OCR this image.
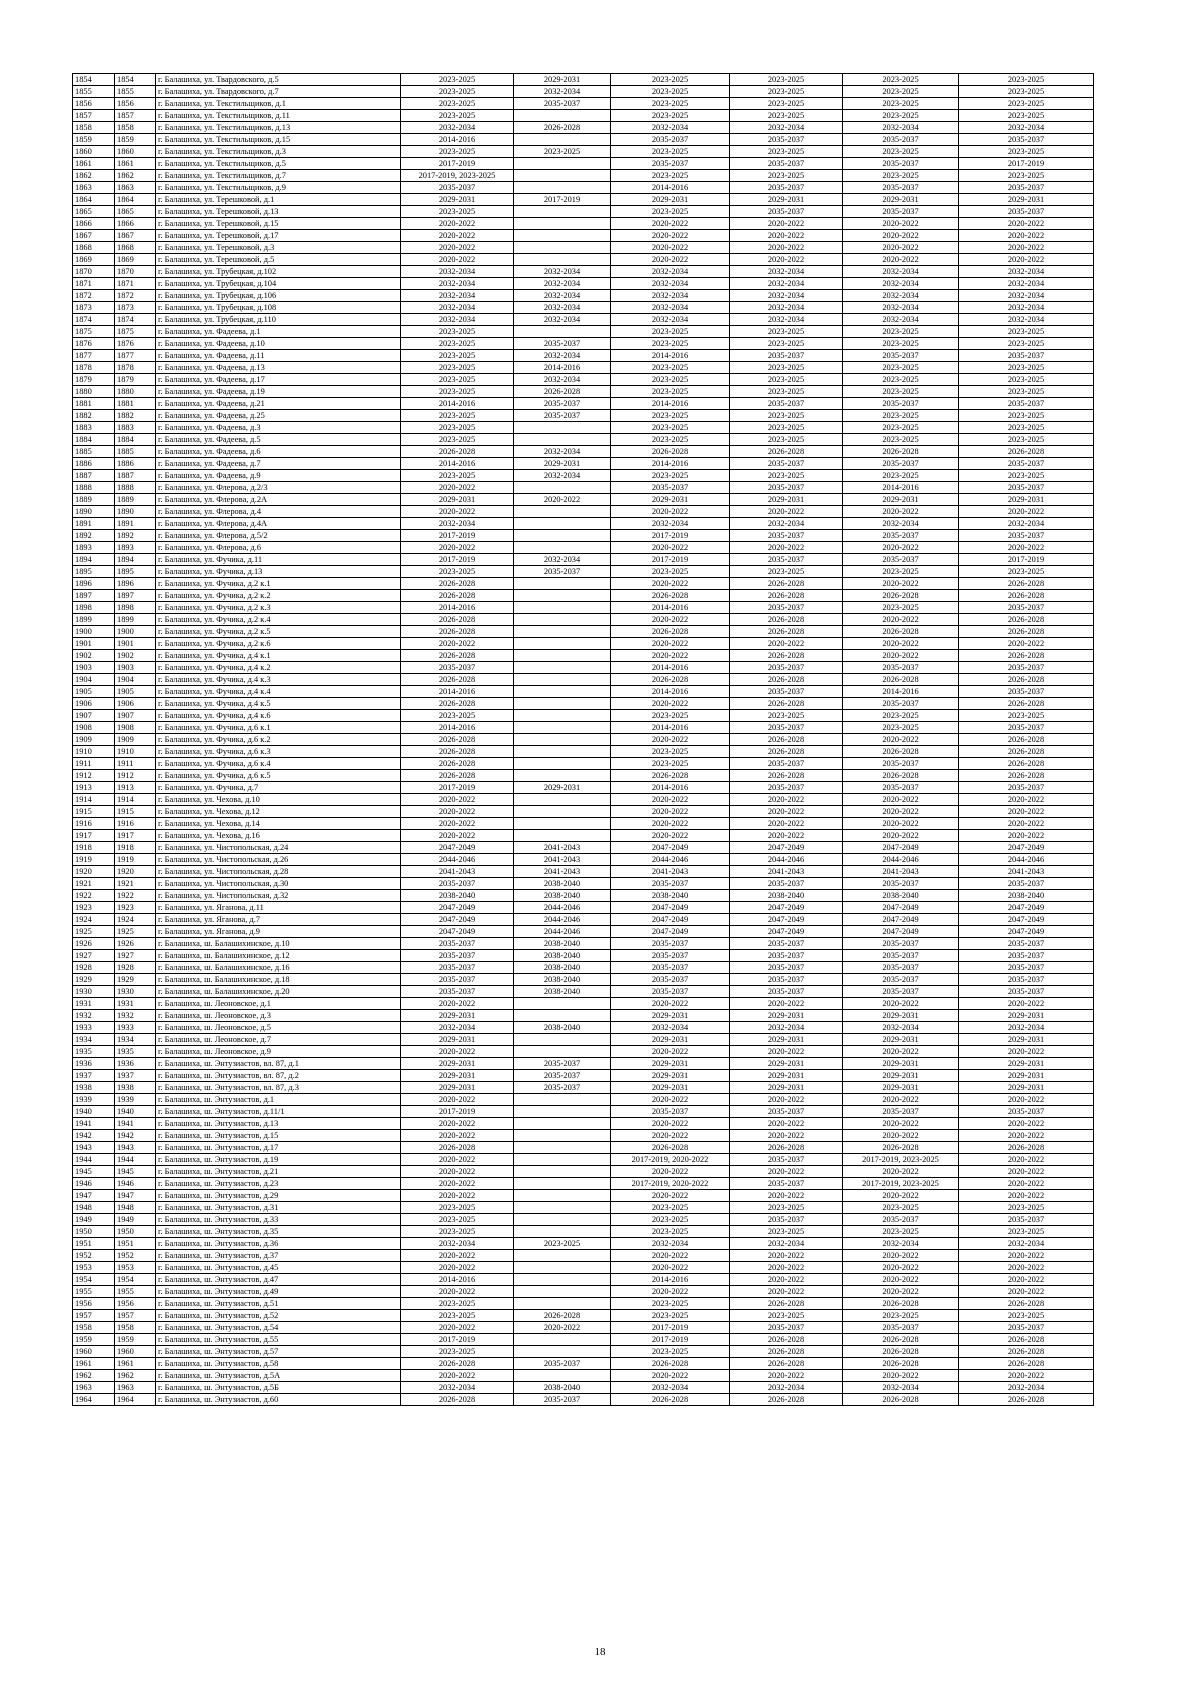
1854	1854	г. Балашиха, ул. Твардовского, д.5	2023-2025	2029-2031	2023-2025	2023-2025	2023-2025	2023-2025
1855	1855	г. Балашиха, ул. Твардовского, д.7	2023-2025	2032-2034	2023-2025	2023-2025	2023-2025	2023-2025
1856	1856	г. Балашиха, ул. Текстильщиков, д.1	2023-2025	2035-2037	2023-2025	2023-2025	2023-2025	2023-2025
1857	1857	г. Балашиха, ул. Текстильщиков, д.11	2023-2025		2023-2025	2023-2025	2023-2025	2023-2025
1858	1858	г. Балашиха, ул. Текстильщиков, д.13	2032-2034	2026-2028	2032-2034	2032-2034	2032-2034	2032-2034
1859	1859	г. Балашиха, ул. Текстильщиков, д.15	2014-2016		2035-2037	2035-2037	2035-2037	2035-2037
1860	1860	г. Балашиха, ул. Текстильщиков, д.3	2023-2025	2023-2025	2023-2025	2023-2025	2023-2025	2023-2025
1861	1861	г. Балашиха, ул. Текстильщиков, д.5	2017-2019		2035-2037	2035-2037	2035-2037	2017-2019
1862	1862	г. Балашиха, ул. Текстильщиков, д.7	2017-2019, 2023-2025		2023-2025	2023-2025	2023-2025	2023-2025
1863	1863	г. Балашиха, ул. Текстильщиков, д.9	2035-2037		2014-2016	2035-2037	2035-2037	2035-2037
1864	1864	г. Балашиха, ул. Терешковой, д.1	2029-2031	2017-2019	2029-2031	2029-2031	2029-2031	2029-2031
1865	1865	г. Балашиха, ул. Терешковой, д.13	2023-2025		2023-2025	2035-2037	2035-2037	2035-2037
1866	1866	г. Балашиха, ул. Терешковой, д.15	2020-2022		2020-2022	2020-2022	2020-2022	2020-2022
1867	1867	г. Балашиха, ул. Терешковой, д.17	2020-2022		2020-2022	2020-2022	2020-2022	2020-2022
1868	1868	г. Балашиха, ул. Терешковой, д.3	2020-2022		2020-2022	2020-2022	2020-2022	2020-2022
1869	1869	г. Балашиха, ул. Терешковой, д.5	2020-2022		2020-2022	2020-2022	2020-2022	2020-2022
1870	1870	г. Балашиха, ул. Трубецкая, д.102	2032-2034	2032-2034	2032-2034	2032-2034	2032-2034	2032-2034
1871	1871	г. Балашиха, ул. Трубецкая, д.104	2032-2034	2032-2034	2032-2034	2032-2034	2032-2034	2032-2034
1872	1872	г. Балашиха, ул. Трубецкая, д.106	2032-2034	2032-2034	2032-2034	2032-2034	2032-2034	2032-2034
1873	1873	г. Балашиха, ул. Трубецкая, д.108	2032-2034	2032-2034	2032-2034	2032-2034	2032-2034	2032-2034
1874	1874	г. Балашиха, ул. Трубецкая, д.110	2032-2034	2032-2034	2032-2034	2032-2034	2032-2034	2032-2034
1875	1875	г. Балашиха, ул. Фадеева, д.1	2023-2025		2023-2025	2023-2025	2023-2025	2023-2025
1876	1876	г. Балашиха, ул. Фадеева, д.10	2023-2025	2035-2037	2023-2025	2023-2025	2023-2025	2023-2025
1877	1877	г. Балашиха, ул. Фадеева, д.11	2023-2025	2032-2034	2014-2016	2035-2037	2035-2037	2035-2037
1878	1878	г. Балашиха, ул. Фадеева, д.13	2023-2025	2014-2016	2023-2025	2023-2025	2023-2025	2023-2025
1879	1879	г. Балашиха, ул. Фадеева, д.17	2023-2025	2032-2034	2023-2025	2023-2025	2023-2025	2023-2025
1880	1880	г. Балашиха, ул. Фадеева, д.19	2023-2025	2026-2028	2023-2025	2023-2025	2023-2025	2023-2025
1881	1881	г. Балашиха, ул. Фадеева, д.21	2014-2016	2035-2037	2014-2016	2035-2037	2035-2037	2035-2037
1882	1882	г. Балашиха, ул. Фадеева, д.25	2023-2025	2035-2037	2023-2025	2023-2025	2023-2025	2023-2025
1883	1883	г. Балашиха, ул. Фадеева, д.3	2023-2025		2023-2025	2023-2025	2023-2025	2023-2025
1884	1884	г. Балашиха, ул. Фадеева, д.5	2023-2025		2023-2025	2023-2025	2023-2025	2023-2025
1885	1885	г. Балашиха, ул. Фадеева, д.6	2026-2028	2032-2034	2026-2028	2026-2028	2026-2028	2026-2028
1886	1886	г. Балашиха, ул. Фадеева, д.7	2014-2016	2029-2031	2014-2016	2035-2037	2035-2037	2035-2037
1887	1887	г. Балашиха, ул. Фадеева, д.9	2023-2025	2032-2034	2023-2025	2023-2025	2023-2025	2023-2025
1888	1888	г. Балашиха, ул. Флерова, д.2/3	2020-2022		2035-2037	2035-2037	2014-2016	2035-2037
1889	1889	г. Балашиха, ул. Флерова, д.2А	2029-2031	2020-2022	2029-2031	2029-2031	2029-2031	2029-2031
1890	1890	г. Балашиха, ул. Флерова, д.4	2020-2022		2020-2022	2020-2022	2020-2022	2020-2022
1891	1891	г. Балашиха, ул. Флерова, д.4А	2032-2034		2032-2034	2032-2034	2032-2034	2032-2034
1892	1892	г. Балашиха, ул. Флерова, д.5/2	2017-2019		2017-2019	2035-2037	2035-2037	2035-2037
1893	1893	г. Балашиха, ул. Флерова, д.6	2020-2022		2020-2022	2020-2022	2020-2022	2020-2022
1894	1894	г. Балашиха, ул. Фучика, д.11	2017-2019	2032-2034	2017-2019	2035-2037	2035-2037	2017-2019
1895	1895	г. Балашиха, ул. Фучика, д.13	2023-2025	2035-2037	2023-2025	2023-2025	2023-2025	2023-2025
1896	1896	г. Балашиха, ул. Фучика, д.2 к.1	2026-2028		2020-2022	2026-2028	2020-2022	2026-2028
1897	1897	г. Балашиха, ул. Фучика, д.2 к.2	2026-2028		2026-2028	2026-2028	2026-2028	2026-2028
1898	1898	г. Балашиха, ул. Фучика, д.2 к.3	2014-2016		2014-2016	2035-2037	2023-2025	2035-2037
1899	1899	г. Балашиха, ул. Фучика, д.2 к.4	2026-2028		2020-2022	2026-2028	2020-2022	2026-2028
1900	1900	г. Балашиха, ул. Фучика, д.2 к.5	2026-2028		2026-2028	2026-2028	2026-2028	2026-2028
1901	1901	г. Балашиха, ул. Фучика, д.2 к.6	2020-2022		2020-2022	2020-2022	2020-2022	2020-2022
1902	1902	г. Балашиха, ул. Фучика, д.4 к.1	2026-2028		2020-2022	2026-2028	2020-2022	2026-2028
1903	1903	г. Балашиха, ул. Фучика, д.4 к.2	2035-2037		2014-2016	2035-2037	2035-2037	2035-2037
1904	1904	г. Балашиха, ул. Фучика, д.4 к.3	2026-2028		2026-2028	2026-2028	2026-2028	2026-2028
1905	1905	г. Балашиха, ул. Фучика, д.4 к.4	2014-2016		2014-2016	2035-2037	2014-2016	2035-2037
1906	1906	г. Балашиха, ул. Фучика, д.4 к.5	2026-2028		2020-2022	2026-2028	2035-2037	2026-2028
1907	1907	г. Балашиха, ул. Фучика, д.4 к.6	2023-2025		2023-2025	2023-2025	2023-2025	2023-2025
1908	1908	г. Балашиха, ул. Фучика, д.6 к.1	2014-2016		2014-2016	2035-2037	2023-2025	2035-2037
1909	1909	г. Балашиха, ул. Фучика, д.6 к.2	2026-2028		2020-2022	2026-2028	2020-2022	2026-2028
1910	1910	г. Балашиха, ул. Фучика, д.6 к.3	2026-2028		2023-2025	2026-2028	2026-2028	2026-2028
1911	1911	г. Балашиха, ул. Фучика, д.6 к.4	2026-2028		2023-2025	2035-2037	2035-2037	2026-2028
1912	1912	г. Балашиха, ул. Фучика, д.6 к.5	2026-2028		2026-2028	2026-2028	2026-2028	2026-2028
1913	1913	г. Балашиха, ул. Фучика, д.7	2017-2019	2029-2031	2014-2016	2035-2037	2035-2037	2035-2037
1914	1914	г. Балашиха, ул. Чехова, д.10	2020-2022		2020-2022	2020-2022	2020-2022	2020-2022
1915	1915	г. Балашиха, ул. Чехова, д.12	2020-2022		2020-2022	2020-2022	2020-2022	2020-2022
1916	1916	г. Балашиха, ул. Чехова, д.14	2020-2022		2020-2022	2020-2022	2020-2022	2020-2022
1917	1917	г. Балашиха, ул. Чехова, д.16	2020-2022		2020-2022	2020-2022	2020-2022	2020-2022
1918	1918	г. Балашиха, ул. Чистопольская, д.24	2047-2049	2041-2043	2047-2049	2047-2049	2047-2049	2047-2049
1919	1919	г. Балашиха, ул. Чистопольская, д.26	2044-2046	2041-2043	2044-2046	2044-2046	2044-2046	2044-2046
1920	1920	г. Балашиха, ул. Чистопольская, д.28	2041-2043	2041-2043	2041-2043	2041-2043	2041-2043	2041-2043
1921	1921	г. Балашиха, ул. Чистопольская, д.30	2035-2037	2038-2040	2035-2037	2035-2037	2035-2037	2035-2037
1922	1922	г. Балашиха, ул. Чистопольская, д.32	2038-2040	2038-2040	2038-2040	2038-2040	2038-2040	2038-2040
1923	1923	г. Балашиха, ул. Яганова, д.11	2047-2049	2044-2046	2047-2049	2047-2049	2047-2049	2047-2049
1924	1924	г. Балашиха, ул. Яганова, д.7	2047-2049	2044-2046	2047-2049	2047-2049	2047-2049	2047-2049
1925	1925	г. Балашиха, ул. Яганова, д.9	2047-2049	2044-2046	2047-2049	2047-2049	2047-2049	2047-2049
1926	1926	г. Балашиха, ш. Балашихинское, д.10	2035-2037	2038-2040	2035-2037	2035-2037	2035-2037	2035-2037
1927	1927	г. Балашиха, ш. Балашихинское, д.12	2035-2037	2038-2040	2035-2037	2035-2037	2035-2037	2035-2037
1928	1928	г. Балашиха, ш. Балашихинское, д.16	2035-2037	2038-2040	2035-2037	2035-2037	2035-2037	2035-2037
1929	1929	г. Балашиха, ш. Балашихинское, д.18	2035-2037	2038-2040	2035-2037	2035-2037	2035-2037	2035-2037
1930	1930	г. Балашиха, ш. Балашихинское, д.20	2035-2037	2038-2040	2035-2037	2035-2037	2035-2037	2035-2037
1931	1931	г. Балашиха, ш. Леоновское, д.1	2020-2022		2020-2022	2020-2022	2020-2022	2020-2022
1932	1932	г. Балашиха, ш. Леоновское, д.3	2029-2031		2029-2031	2029-2031	2029-2031	2029-2031
1933	1933	г. Балашиха, ш. Леоновское, д.5	2032-2034	2038-2040	2032-2034	2032-2034	2032-2034	2032-2034
1934	1934	г. Балашиха, ш. Леоновское, д.7	2029-2031		2029-2031	2029-2031	2029-2031	2029-2031
1935	1935	г. Балашиха, ш. Леоновское, д.9	2020-2022		2020-2022	2020-2022	2020-2022	2020-2022
1936	1936	г. Балашиха, ш. Энтузиастов, вл. 87, д.1	2029-2031	2035-2037	2029-2031	2029-2031	2029-2031	2029-2031
1937	1937	г. Балашиха, ш. Энтузиастов, вл. 87, д.2	2029-2031	2035-2037	2029-2031	2029-2031	2029-2031	2029-2031
1938	1938	г. Балашиха, ш. Энтузиастов, вл. 87, д.3	2029-2031	2035-2037	2029-2031	2029-2031	2029-2031	2029-2031
1939	1939	г. Балашиха, ш. Энтузиастов, д.1	2020-2022		2020-2022	2020-2022	2020-2022	2020-2022
1940	1940	г. Балашиха, ш. Энтузиастов, д.11/1	2017-2019		2035-2037	2035-2037	2035-2037	2035-2037
1941	1941	г. Балашиха, ш. Энтузиастов, д.13	2020-2022		2020-2022	2020-2022	2020-2022	2020-2022
1942	1942	г. Балашиха, ш. Энтузиастов, д.15	2020-2022		2020-2022	2020-2022	2020-2022	2020-2022
1943	1943	г. Балашиха, ш. Энтузиастов, д.17	2026-2028		2026-2028	2026-2028	2026-2028	2026-2028
1944	1944	г. Балашиха, ш. Энтузиастов, д.19	2020-2022		2017-2019, 2020-2022	2035-2037	2017-2019, 2023-2025	2020-2022
1945	1945	г. Балашиха, ш. Энтузиастов, д.21	2020-2022		2020-2022	2020-2022	2020-2022	2020-2022
1946	1946	г. Балашиха, ш. Энтузиастов, д.23	2020-2022		2017-2019, 2020-2022	2035-2037	2017-2019, 2023-2025	2020-2022
1947	1947	г. Балашиха, ш. Энтузиастов, д.29	2020-2022		2020-2022	2020-2022	2020-2022	2020-2022
1948	1948	г. Балашиха, ш. Энтузиастов, д.31	2023-2025		2023-2025	2023-2025	2023-2025	2023-2025
1949	1949	г. Балашиха, ш. Энтузиастов, д.33	2023-2025		2023-2025	2035-2037	2035-2037	2035-2037
1950	1950	г. Балашиха, ш. Энтузиастов, д.35	2023-2025		2023-2025	2023-2025	2023-2025	2023-2025
1951	1951	г. Балашиха, ш. Энтузиастов, д.36	2032-2034	2023-2025	2032-2034	2032-2034	2032-2034	2032-2034
1952	1952	г. Балашиха, ш. Энтузиастов, д.37	2020-2022		2020-2022	2020-2022	2020-2022	2020-2022
1953	1953	г. Балашиха, ш. Энтузиастов, д.45	2020-2022		2020-2022	2020-2022	2020-2022	2020-2022
1954	1954	г. Балашиха, ш. Энтузиастов, д.47	2014-2016		2014-2016	2020-2022	2020-2022	2020-2022
1955	1955	г. Балашиха, ш. Энтузиастов, д.49	2020-2022		2020-2022	2020-2022	2020-2022	2020-2022
1956	1956	г. Балашиха, ш. Энтузиастов, д.51	2023-2025		2023-2025	2026-2028	2026-2028	2026-2028
1957	1957	г. Балашиха, ш. Энтузиастов, д.52	2023-2025	2026-2028	2023-2025	2023-2025	2023-2025	2023-2025
1958	1958	г. Балашиха, ш. Энтузиастов, д.54	2020-2022	2020-2022	2017-2019	2035-2037	2035-2037	2035-2037
1959	1959	г. Балашиха, ш. Энтузиастов, д.55	2017-2019		2017-2019	2026-2028	2026-2028	2026-2028
1960	1960	г. Балашиха, ш. Энтузиастов, д.57	2023-2025		2023-2025	2026-2028	2026-2028	2026-2028
1961	1961	г. Балашиха, ш. Энтузиастов, д.58	2026-2028	2035-2037	2026-2028	2026-2028	2026-2028	2026-2028
1962	1962	г. Балашиха, ш. Энтузиастов, д.5А	2020-2022		2020-2022	2020-2022	2020-2022	2020-2022
1963	1963	г. Балашиха, ш. Энтузиастов, д.5Б	2032-2034	2038-2040	2032-2034	2032-2034	2032-2034	2032-2034
1964	1964	г. Балашиха, ш. Энтузиастов, д.60	2026-2028	2035-2037	2026-2028	2026-2028	2026-2028	2026-2028
18
